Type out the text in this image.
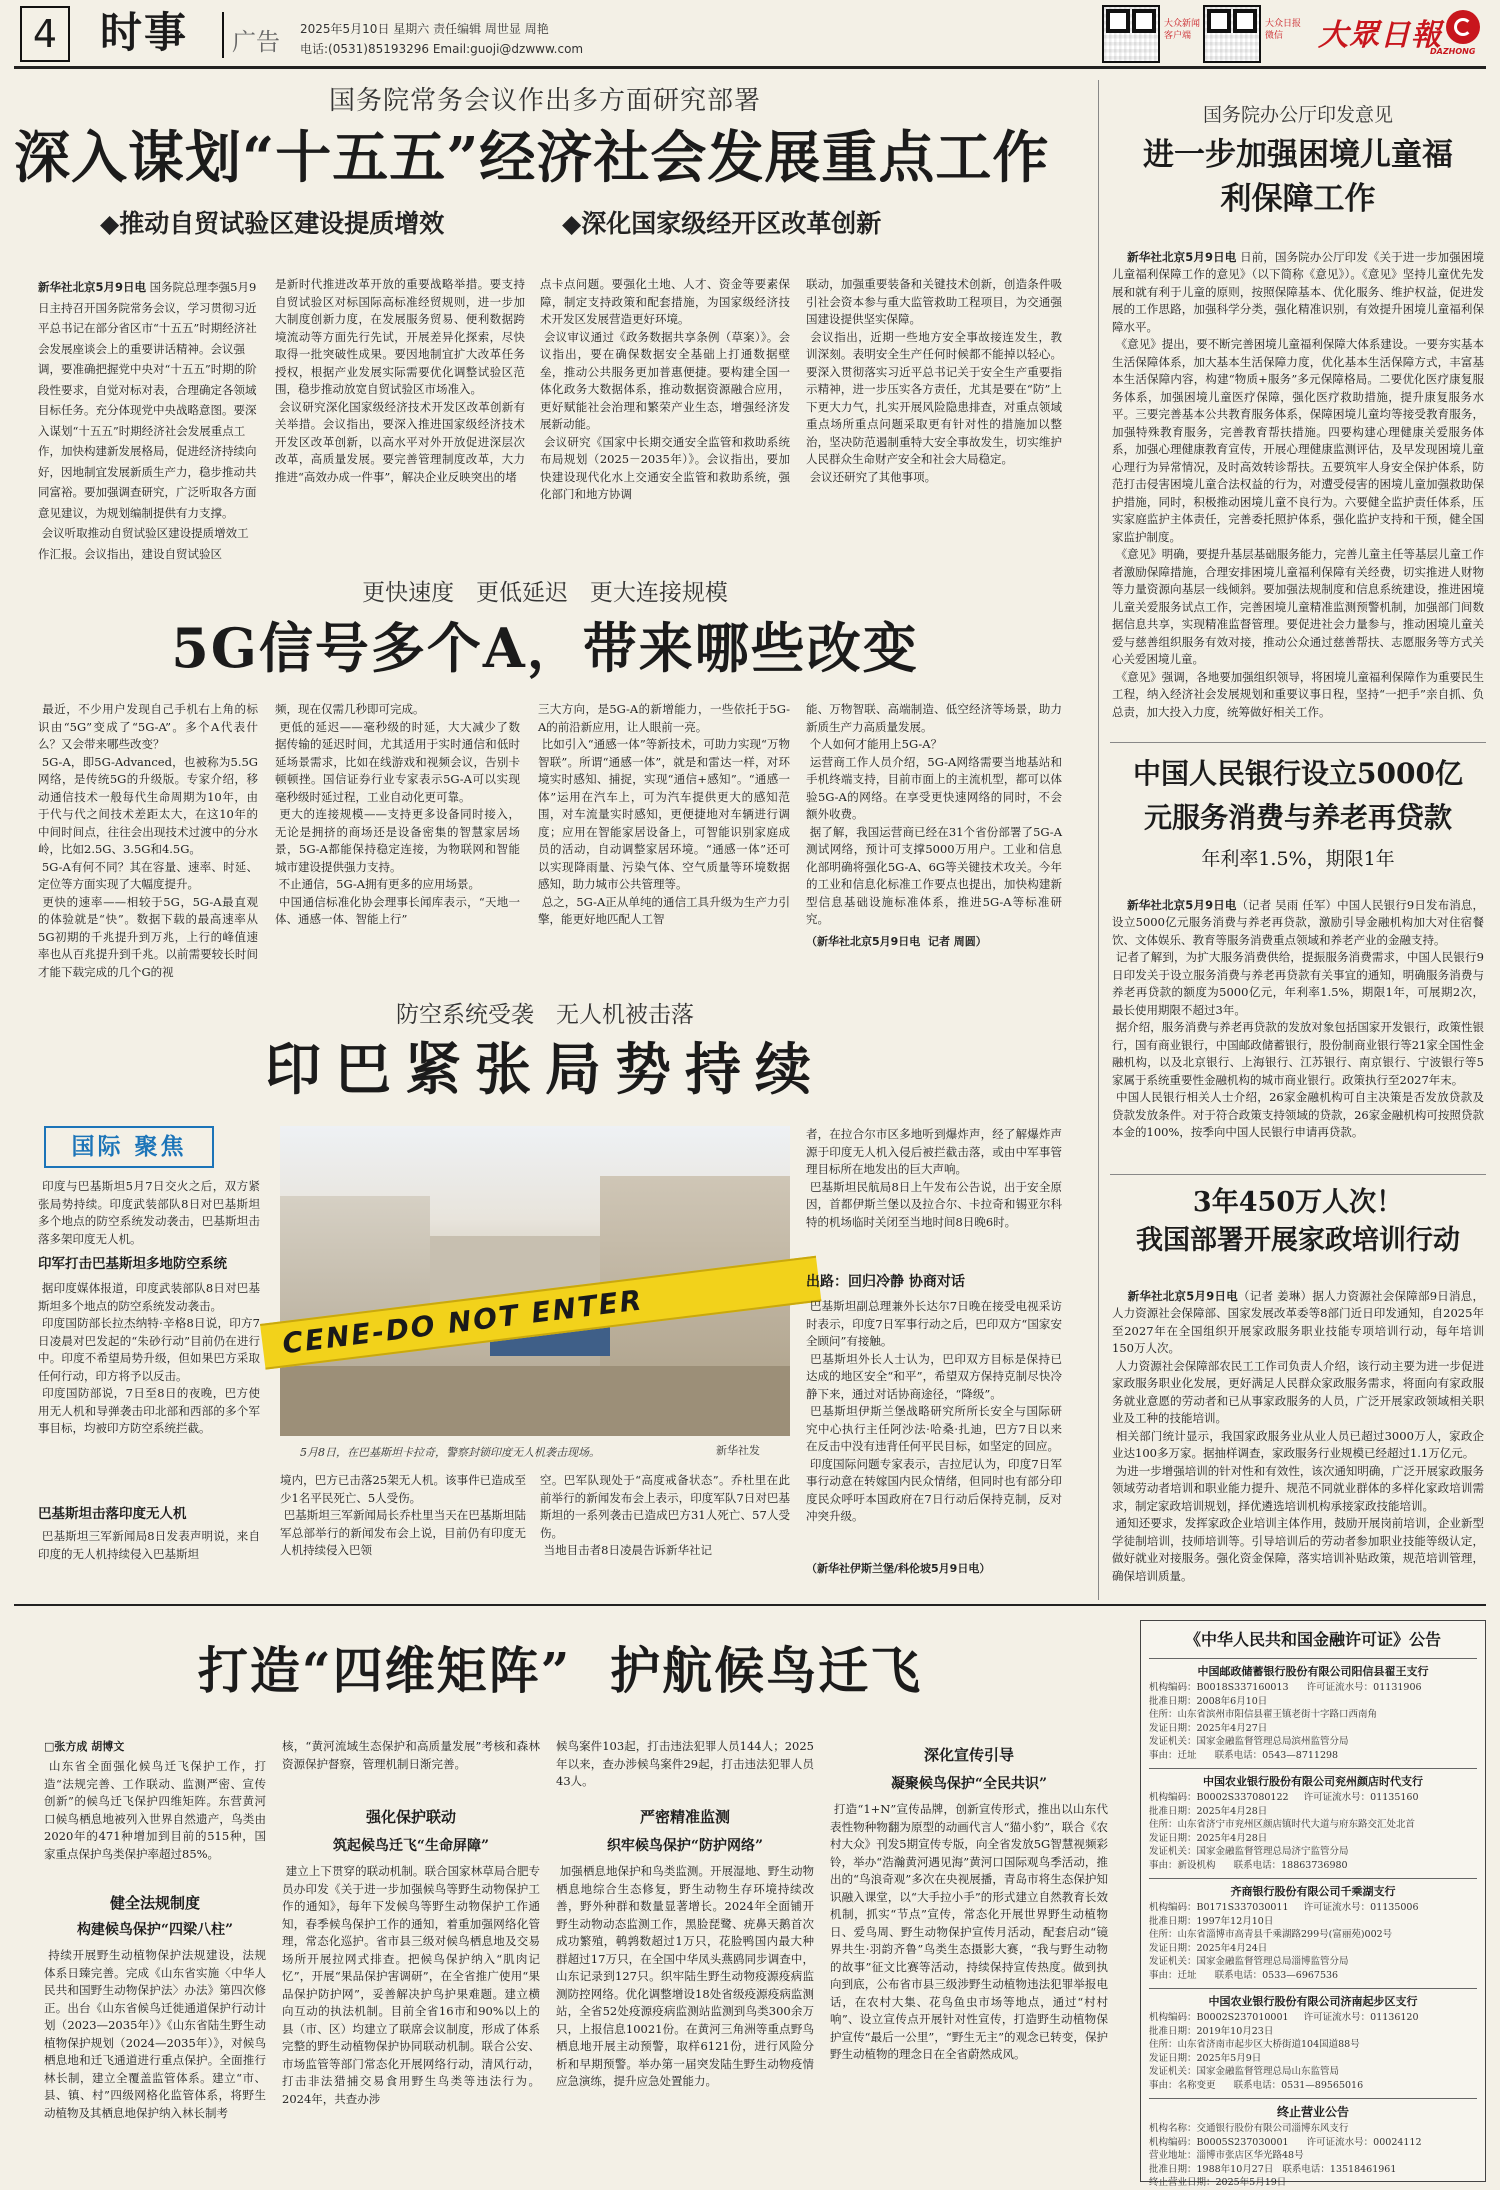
4	时事 广告 2025年5月10日 星期六 责任编辑 周世显 周艳
电话:(0531)85193296 Email:guoji@dzwww.com
大众新闻
客户端
大众日报
微信	大眾日報
DAZHONG
国务院常务会议作出多方面研究部署
深入谋划“十五五”经济社会发展重点工作
◆推动自贸试验区建设提质增效	◆深化国家级经开区改革创新
新华社北京5月9日电 国务院总理李强5月9日主持召开国务院常务会议，学习贯彻习近平总书记在部分省区市“十五五”时期经济社会发展座谈会上的重要讲话精神。会议强调，要准确把握党中央对“十五五”时期的阶段性要求，自觉对标对表，合理确定各领域目标任务。充分体现党中央战略意图。要深入谋划“十五五”时期经济社会发展重点工作，加快构建新发展格局，促进经济持续向好，因地制宜发展新质生产力，稳步推动共同富裕。要加强调查研究，广泛听取各方面意见建议，为规划编制提供有力支撑。
会议听取推动自贸试验区建设提质增效工作汇报。会议指出，建设自贸试验区
是新时代推进改革开放的重要战略举措。要支持自贸试验区对标国际高标准经贸规则，进一步加大制度创新力度，在发展服务贸易、便利数据跨境流动等方面先行先试，开展差异化探索，尽快取得一批突破性成果。要因地制宜扩大改革任务授权，根据产业发展实际需要优化调整试验区范围，稳步推动放宽自贸试验区市场准入。
会议研究深化国家级经济技术开发区改革创新有关举措。会议指出，要深入推进国家级经济技术开发区改革创新，以高水平对外开放促进深层次改革，高质量发展。要完善管理制度改革，大力推进“高效办成一件事”，解决企业反映突出的堵
点卡点问题。要强化土地、人才、资金等要素保障，制定支持政策和配套措施，为国家级经济技术开发区发展营造更好环境。
会议审议通过《政务数据共享条例（草案）》。会议指出，要在确保数据安全基础上打通数据壁垒，推动公共服务更加普惠便捷。要构建全国一体化政务大数据体系，推动数据资源融合应用，更好赋能社会治理和繁荣产业生态，增强经济发展新动能。
会议研究《国家中长期交通安全监管和救助系统布局规划（2025－2035年）》。会议指出，要加快建设现代化水上交通安全监管和救助系统，强化部门和地方协调
联动，加强重要装备和关键技术创新，创造条件吸引社会资本参与重大监管救助工程项目，为交通强国建设提供坚实保障。
会议指出，近期一些地方安全事故接连发生，教训深刻。表明安全生产任何时候都不能掉以轻心。要深入贯彻落实习近平总书记关于安全生产重要指示精神，进一步压实各方责任，尤其是要在“防”上下更大力气，扎实开展风险隐患排查，对重点领域重点场所重点问题采取更有针对性的措施加以整治，坚决防范遏制重特大安全事故发生，切实维护人民群众生命财产安全和社会大局稳定。
会议还研究了其他事项。
更快速度   更低延迟   更大连接规模
5G信号多个A，带来哪些改变
最近，不少用户发现自己手机右上角的标识由“5G”变成了“5G-A”。多个A代表什么？又会带来哪些改变？
5G-A，即5G-Advanced，也被称为5.5G网络，是传统5G的升级版。专家介绍，移动通信技术一般每代生命周期为10年，由于代与代之间技术差距太大，在这10年的中间时间点，往往会出现技术过渡中的分水岭，比如2.5G、3.5G和4.5G。
5G-A有何不同？其在容量、速率、时延、定位等方面实现了大幅度提升。
更快的速率——相较于5G，5G-A最直观的体验就是“快”。数据下载的最高速率从5G初期的千兆提升到万兆，上行的峰值速率也从百兆提升到千兆。以前需要较长时间才能下载完成的几个G的视
频，现在仅需几秒即可完成。
更低的延迟——毫秒级的时延，大大减少了数据传输的延迟时间，尤其适用于实时通信和低时延场景需求，比如在线游戏和视频会议，告别卡顿顿挫。国信证券行业专家表示5G-A可以实现毫秒级时延过程，工业自动化更可靠。
更大的连接规模——支持更多设备同时接入，无论是拥挤的商场还是设备密集的智慧家居场景，5G-A都能保持稳定连接，为物联网和智能城市建设提供强力支持。
不止通信，5G-A拥有更多的应用场景。
中国通信标准化协会理事长闻库表示，“天地一体、通感一体、智能上行”
三大方向，是5G-A的新增能力，一些依托于5G-A的前沿新应用，让人眼前一亮。
比如引入“通感一体”等新技术，可助力实现“万物智联”。所谓“通感一体”，就是和雷达一样，对环境实时感知、捕捉，实现“通信+感知”。“通感一体”运用在汽车上，可为汽车提供更大的感知范围，对车流量实时感知，更便捷地对车辆进行调度；应用在智能家居设备上，可智能识别家庭成员的活动，自动调整家居环境。“通感一体”还可以实现降雨量、污染气体、空气质量等环境数据感知，助力城市公共管理等。
总之，5G-A正从单纯的通信工具升级为生产力引擎，能更好地匹配人工智
能、万物智联、高端制造、低空经济等场景，助力新质生产力高质量发展。
个人如何才能用上5G-A？
运营商工作人员介绍，5G-A网络需要当地基站和手机终端支持，目前市面上的主流机型，都可以体验5G-A的网络。在享受更快速网络的同时，不会额外收费。
据了解，我国运营商已经在31个省份部署了5G-A测试网络，预计可支撑5000万用户。工业和信息化部明确将强化5G-A、6G等关键技术攻关。今年的工业和信息化标准工作要点也提出，加快构建新型信息基础设施标准体系，推进5G-A等标准研究。
（新华社北京5月9日电  记者 周圆）
防空系统受袭   无人机被击落
印巴紧张局势持续
国际 聚焦
印度与巴基斯坦5月7日交火之后，双方紧张局势持续。印度武装部队8日对巴基斯坦多个地点的防空系统发动袭击，巴基斯坦击落多架印度无人机。
印军打击巴基斯坦多地防空系统
据印度媒体报道，印度武装部队8日对巴基斯坦多个地点的防空系统发动袭击。
印度国防部长拉杰纳特·辛格8日说，印方7日凌晨对巴发起的“朱砂行动”目前仍在进行中。印度不希望局势升级，但如果巴方采取任何行动，印方将予以反击。
印度国防部说，7日至8日的夜晚，巴方使用无人机和导弹袭击印北部和西部的多个军事目标，均被印方防空系统拦截。
巴基斯坦击落印度无人机
巴基斯坦三军新闻局8日发表声明说，来自印度的无人机持续侵入巴基斯坦
CENE-DO NOT ENTER
5月8日，在巴基斯坦卡拉奇，警察封锁印度无人机袭击现场。	新华社发
境内，巴方已击落25架无人机。该事件已造成至少1名平民死亡、5人受伤。
巴基斯坦三军新闻局长乔杜里当天在巴基斯坦陆军总部举行的新闻发布会上说，目前仍有印度无人机持续侵入巴领
空。巴军队现处于“高度戒备状态”。乔杜里在此前举行的新闻发布会上表示，印度军队7日对巴基斯坦的一系列袭击已造成巴方31人死亡、57人受伤。
当地目击者8日凌晨告诉新华社记
者，在拉合尔市区多地听到爆炸声，经了解爆炸声源于印度无人机入侵后被拦截击落，或由中军事管理目标所在地发出的巨大声响。
巴基斯坦民航局8日上午发布公告说，出于安全原因，首都伊斯兰堡以及拉合尔、卡拉奇和锡亚尔科特的机场临时关闭至当地时间8日晚6时。
出路：回归冷静 协商对话
巴基斯坦副总理兼外长达尔7日晚在接受电视采访时表示，印度7日军事行动之后，巴印双方“国家安全顾问”有接触。
巴基斯坦外长人士认为，巴印双方目标是保持已达成的地区安全“和平”，希望双方保持克制尽快冷静下来，通过对话协商途径，“降级”。
巴基斯坦伊斯兰堡战略研究所所长安全与国际研究中心执行主任阿沙法·哈桑·扎迪，巴方7日以来在反击中没有违背任何平民目标，如坚定的回应。
印度国际问题专家表示，吉拉尼认为，印度7日军事行动意在转嫁国内民众情绪，但同时也有部分印度民众呼吁本国政府在7日行动后保持克制，反对冲突升级。
（新华社伊斯兰堡/科伦坡5月9日电）
国务院办公厅印发意见
进一步加强困境儿童福利保障工作

新华社北京5月9日电 日前，国务院办公厅印发《关于进一步加强困境儿童福利保障工作的意见》（以下简称《意见》）。《意见》坚持儿童优先发展和就有利于儿童的原则，按照保障基本、优化服务、维护权益，促进发展的工作思路，加强科学分类，强化精准识别，有效提升困境儿童福利保障水平。
《意见》提出，要不断完善困境儿童福利保障大体系建设。一要夯实基本生活保障体系，加大基本生活保障力度，优化基本生活保障方式，丰富基本生活保障内容，构建“物质+服务”多元保障格局。二要优化医疗康复服务体系，加强困境儿童医疗保障，强化医疗救助措施，提升康复服务水平。三要完善基本公共教育服务体系，保障困境儿童均等接受教育服务，加强特殊教育服务，完善教育帮扶措施。四要构建心理健康关爱服务体系，加强心理健康教育宣传，开展心理健康监测评估，及早发现困境儿童心理行为异常情况，及时高效转诊帮扶。五要筑牢人身安全保护体系，防范打击侵害困境儿童合法权益的行为，对遭受侵害的困境儿童加强救助保护措施，同时，积极推动困境儿童不良行为。六要健全监护责任体系，压实家庭监护主体责任，完善委托照护体系，强化监护支持和干预，健全国家监护制度。
《意见》明确，要提升基层基础服务能力，完善儿童主任等基层儿童工作者激励保障措施，合理安排困境儿童福利保障有关经费，切实推进人财物等力量资源向基层一线倾斜。要加强法规制度和信息系统建设，推进困境儿童关爱服务试点工作，完善困境儿童精准监测预警机制，加强部门间数据信息共享，实现精准监督管理。要促进社会力量参与，推动困境儿童关爱与慈善组织服务有效对接，推动公众通过慈善帮扶、志愿服务等方式关心关爱困境儿童。
《意见》强调，各地要加强组织领导，将困境儿童福利保障作为重要民生工程，纳入经济社会发展规划和重要议事日程，坚持“一把手”亲自抓、负总责，加大投入力度，统筹做好相关工作。

中国人民银行设立5000亿元服务消费与养老再贷款
年利率1.5%，期限1年

新华社北京5月9日电（记者 吴雨 任军）中国人民银行9日发布消息，设立5000亿元服务消费与养老再贷款，激励引导金融机构加大对住宿餐饮、文体娱乐、教育等服务消费重点领域和养老产业的金融支持。
记者了解到，为扩大服务消费供给，提振服务消费需求，中国人民银行9日印发关于设立服务消费与养老再贷款有关事宜的通知，明确服务消费与养老再贷款的额度为5000亿元，年利率1.5%，期限1年，可展期2次，最长使用期限不超过3年。
据介绍，服务消费与养老再贷款的发放对象包括国家开发银行，政策性银行，国有商业银行，中国邮政储蓄银行，股份制商业银行等21家全国性金融机构，以及北京银行、上海银行、江苏银行、南京银行、宁波银行等5家属于系统重要性金融机构的城市商业银行。政策执行至2027年末。
中国人民银行相关人士介绍，26家金融机构可自主决策是否发放贷款及贷款发放条件。对于符合政策支持领域的贷款，26家金融机构可按照贷款本金的100%，按季向中国人民银行申请再贷款。

3年450万人次！
我国部署开展家政培训行动

新华社北京5月9日电（记者 姜琳）据人力资源社会保障部9日消息，人力资源社会保障部、国家发展改革委等8部门近日印发通知，自2025年至2027年在全国组织开展家政服务职业技能专项培训行动，每年培训150万人次。
人力资源社会保障部农民工工作司负责人介绍，该行动主要为进一步促进家政服务职业化发展，更好满足人民群众家政服务需求，将面向有家政服务就业意愿的劳动者和已从事家政服务的人员，广泛开展家政领域相关职业及工种的技能培训。
相关部门统计显示，我国家政服务业从业人员已超过3000万人，家政企业达100多万家。据抽样调查，家政服务行业规模已经超过1.1万亿元。
为进一步增强培训的针对性和有效性，该次通知明确，广泛开展家政服务领域劳动者培训和职业能力提升、规范不同就业群体的多样化家政培训需求，制定家政培训规划，择优遴选培训机构承接家政技能培训。
通知还要求，发挥家政企业培训主体作用，鼓励开展岗前培训，企业新型学徒制培训，技师培训等。引导培训后的劳动者参加职业技能等级认定，做好就业对接服务。强化资金保障，落实培训补贴政策，规范培训管理，确保培训质量。

打造“四维矩阵”  护航候鸟迁飞
□张方成 胡博文
山东省全面强化候鸟迁飞保护工作，打造“法规完善、工作联动、监测严密、宣传创新”的候鸟迁飞保护四维矩阵。东营黄河口候鸟栖息地被列入世界自然遗产，鸟类由2020年的471种增加到目前的515种，国家重点保护鸟类保护率超过85%。
健全法规制度
构建候鸟保护“四梁八柱”
持续开展野生动植物保护法规建设，法规体系日臻完善。完成《山东省实施〈中华人民共和国野生动物保护法〉办法》第四次修正。出台《山东省候鸟迁徙通道保护行动计划（2023—2035年）》《山东省陆生野生动植物保护规划（2024—2035年）》，对候鸟栖息地和迁飞通道进行重点保护。全面推行林长制，建立全覆盖监管体系。建立“市、县、镇、村”四级网格化监管体系，将野生动植物及其栖息地保护纳入林长制考
核，“黄河流域生态保护和高质量发展”考核和森林资源保护督察，管理机制日渐完善。
强化保护联动
筑起候鸟迁飞“生命屏障”
建立上下贯穿的联动机制。联合国家林草局合肥专员办印发《关于进一步加强候鸟等野生动物保护工作的通知》，每年下发候鸟等野生动物保护工作通知，春季候鸟保护工作的通知，着重加强网络化管理，常态化巡护。省市县三级对候鸟栖息地及交易场所开展拉网式排查。把候鸟保护纳入“肌肉记忆”，开展“果品保护害调研”，在全省推广使用“果品保护防护网”，妥善解决护鸟护果难题。建立横向互动的执法机制。目前全省16市和90%以上的县（市、区）均建立了联席会议制度，形成了体系完整的野生动植物保护协同联动机制。联合公安、市场监管等部门常态化开展网络行动，清风行动，打击非法猎捕交易食用野生鸟类等违法行为。2024年，共查办涉
候鸟案件103起，打击违法犯罪人员144人；2025年以来，查办涉候鸟案件29起，打击违法犯罪人员43人。
严密精准监测
织牢候鸟保护“防护网络”
加强栖息地保护和鸟类监测。开展湿地、野生动物栖息地综合生态修复，野生动物生存环境持续改善，野外种群和数量显著增长。2024年全面铺开野生动物动态监测工作，黑脸琵鹭、疣鼻天鹅首次成功繁殖，鹌鹑数超过1万只，花脸鸭国内最大种群超过17万只，在全国中华凤头燕鸥同步调查中，山东记录到127只。织牢陆生野生动物疫源疫病监测防控网络。优化调整增设18处省级疫源疫病监测站，全省52处疫源疫病监测站监测到鸟类300余万只，上报信息10021份。在黄河三角洲等重点野鸟栖息地开展主动预警，取样6121份，进行风险分析和早期预警。举办第一届突发陆生野生动物疫情应急演练，提升应急处置能力。
深化宣传引导
凝聚候鸟保护“全民共识”
打造“1+N”宣传品牌，创新宣传形式，推出以山东代表性物种物翻为原型的动画代言人“猫小豹”，联合《农村大众》刊发5期宣传专版，向全省发放5G智慧视频彩铃，举办“浩瀚黄河遇见海”黄河口国际观鸟季活动，推出的“鸟浪奇观”多次在央视展播，青岛市将生态保护知识融入课堂，以“大手拉小手”的形式建立自然教育长效机制，抓实“节点”宣传，常态化开展世界野生动植物日、爱鸟周、野生动物保护宣传月活动，配套启动“镜界共生·羽韵齐鲁”鸟类生态摄影大赛，“我与野生动物的故事”征文比赛等活动，持续保持宣传热度。做到执向到底，公布省市县三级涉野生动植物违法犯罪举报电话，在农村大集、花鸟鱼虫市场等地点，通过“村村响”、设立宣传点开展针对性宣传，打造野生动植物保护宣传“最后一公里”，“野生无主”的观念已转变，保护野生动植物的理念日在全省蔚然成风。
《中华人民共和国金融许可证》公告
中国邮政储蓄银行股份有限公司阳信县翟王支行
机构编码：B0018S337160013      许可证流水号：01131906
批准日期：2008年6月10日
住所：山东省滨州市阳信县翟王镇老街十字路口西南角
发证日期：2025年4月27日
发证机关：国家金融监督管理总局滨州监管分局
事由：迁址      联系电话：0543—8711298
中国农业银行股份有限公司兖州颜店时代支行
机构编码：B0002S337080122     许可证流水号：01135160
批准日期：2025年4月28日
住所：山东省济宁市兖州区颜店镇时代大道与府东路交汇处北首
发证日期：2025年4月28日
发证机关：国家金融监督管理总局济宁监管分局
事由：新设机构      联系电话：18863736980
齐商银行股份有限公司千乘湖支行
机构编码：B0171S337030011     许可证流水号：01135006
批准日期：1997年12月10日
住所：山东省淄博市高青县千乘湖路299号(富丽苑)002号
发证日期：2025年4月24日
发证机关：国家金融监督管理总局淄博监管分局
事由：迁址      联系电话：0533—6967536
中国农业银行股份有限公司济南起步区支行
机构编码：B0002S237010001     许可证流水号：01136120
批准日期：2019年10月23日
住所：山东省济南市起步区大桥街道104国道88号
发证日期：2025年5月9日
发证机关：国家金融监督管理总局山东监管局
事由：名称变更      联系电话：0531—89565016
终止营业公告
机构名称：交通银行股份有限公司淄博东风支行
机构编码：B0005S237030001      许可证流水号：00024112
营业地址：淄博市张店区华光路48号
批准日期：1988年10月27日   联系电话：13518461961
终止营业日期：2025年5月19日
